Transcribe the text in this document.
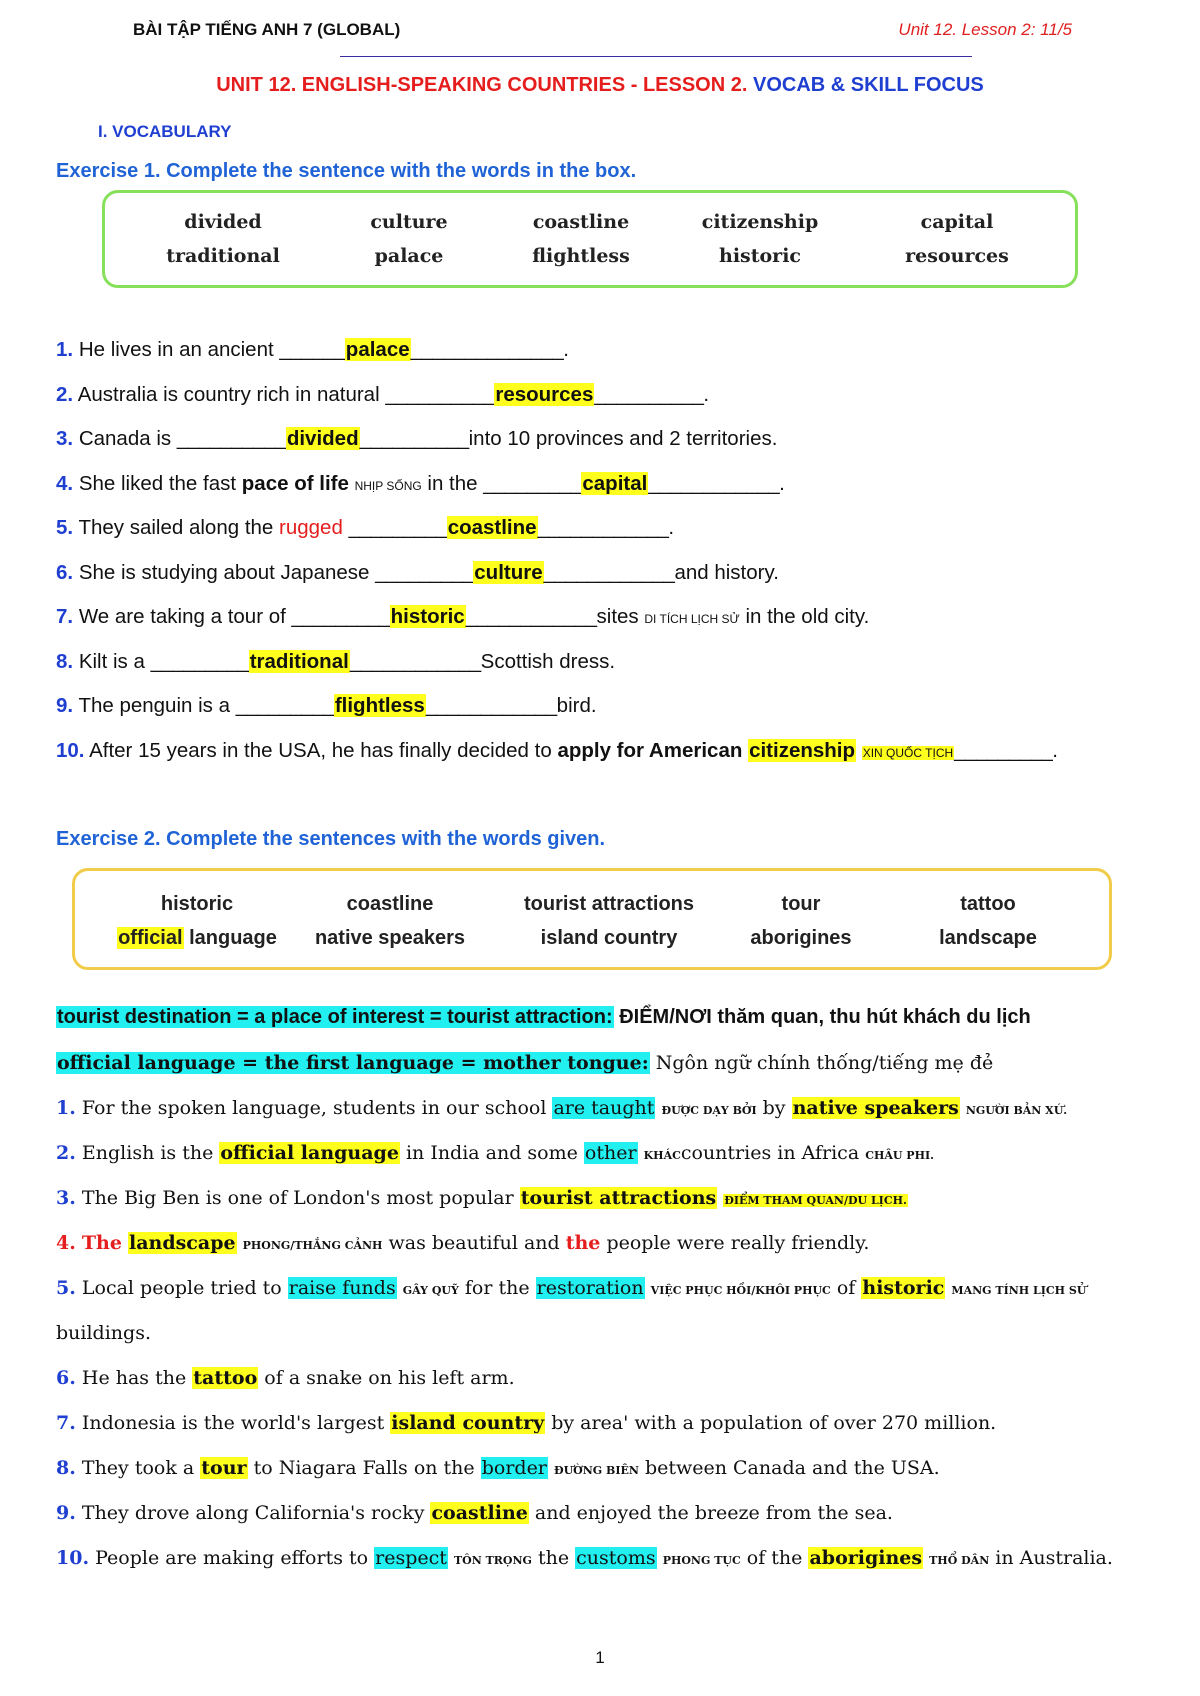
BÀI TẬP TIẾNG ANH 7 (GLOBAL)	Unit 12. Lesson 2: 11/5
UNIT 12. ENGLISH-SPEAKING COUNTRIES - LESSON 2. VOCAB & SKILL FOCUS
I. VOCABULARY
Exercise 1. Complete the sentence with the words in the box.
divided	culture	coastline	citizenship	capital
traditional	palace	flightless	historic	resources
1. He lives in an ancient ______palace______________.
2. Australia is country rich in natural __________resources__________.
3. Canada is __________divided__________into 10 provinces and 2 territories.
4. She liked the fast pace of life NHỊP SỐNG in the _________capital____________.
5. They sailed along the rugged _________coastline____________.
6. She is studying about Japanese _________culture____________and history.
7. We are taking a tour of _________historic____________sites DI TÍCH LỊCH SỬ in the old city.
8. Kilt is a _________traditional____________Scottish dress.
9. The penguin is a _________flightless____________bird.
10. After 15 years in the USA, he has finally decided to apply for American citizenship XIN QUỐC TỊCH_________.
Exercise 2. Complete the sentences with the words given.
historic	coastline	tourist attractions	tour	tattoo
official language	native speakers	island country	aborigines	landscape
tourist destination = a place of interest = tourist attraction: ĐIỂM/NƠI thăm quan, thu hút khách du lịch
official language = the first language = mother tongue: Ngôn ngữ chính thống/tiếng mẹ đẻ
1. For the spoken language, students in our school are taught ĐƯỢC DẠY BỞI by native speakers NGƯỜI BẢN XỨ.
2. English is the official language in India and some other KHÁCcountries in Africa CHÂU PHI.
3. The Big Ben is one of London's most popular tourist attractions ĐIỂM THAM QUAN/DU LỊCH.
4. The landscape PHONG/THẮNG CẢNH was beautiful and the people were really friendly.
5. Local people tried to raise funds GÂY QUỸ for the restoration VIỆC PHỤC HỒI/KHÔI PHỤC of historic MANG TÍNH LỊCH SỬ
buildings.
6. He has the tattoo of a snake on his left arm.
7. Indonesia is the world's largest island country by area' with a population of over 270 million.
8. They took a tour to Niagara Falls on the border ĐƯỜNG BIÊN between Canada and the USA.
9. They drove along California's rocky coastline and enjoyed the breeze from the sea.
10. People are making efforts to respect TÔN TRỌNG the customs PHONG TỤC of the aborigines THỔ DÂN in Australia.
1
